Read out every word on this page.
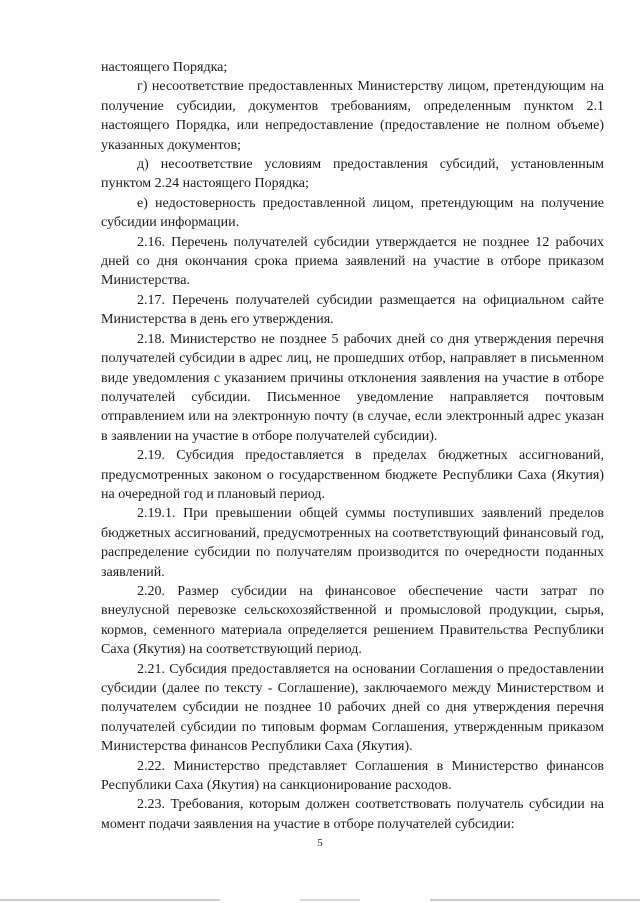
настоящего Порядка;

г) несоответствие предоставленных Министерству лицом, претендующим на получение субсидии, документов требованиям, определенным пунктом 2.1 настоящего Порядка, или непредоставление (предоставление не полном объеме) указанных документов;

д) несоответствие условиям предоставления субсидий, установленным пунктом 2.24 настоящего Порядка;

е) недостоверность предоставленной лицом, претендующим на получение субсидии информации.

2.16. Перечень получателей субсидии утверждается не позднее 12 рабочих дней со дня окончания срока приема заявлений на участие в отборе приказом Министерства.

2.17. Перечень получателей субсидии размещается на официальном сайте Министерства в день его утверждения.

2.18. Министерство не позднее 5 рабочих дней со дня утверждения перечня получателей субсидии в адрес лиц, не прошедших отбор, направляет в письменном виде уведомления с указанием причины отклонения заявления на участие в отборе получателей субсидии. Письменное уведомление направляется почтовым отправлением или на электронную почту (в случае, если электронный адрес указан в заявлении на участие в отборе получателей субсидии).

2.19. Субсидия предоставляется в пределах бюджетных ассигнований, предусмотренных законом о государственном бюджете Республики Саха (Якутия) на очередной год и плановый период.

2.19.1. При превышении общей суммы поступивших заявлений пределов бюджетных ассигнований, предусмотренных на соответствующий финансовый год, распределение субсидии по получателям производится по очередности поданных заявлений.

2.20. Размер субсидии на финансовое обеспечение части затрат по внеулусной перевозке сельскохозяйственной и промысловой продукции, сырья, кормов, семенного материала определяется решением Правительства Республики Саха (Якутия) на соответствующий период.

2.21. Субсидия предоставляется на основании Соглашения о предоставлении субсидии (далее по тексту - Соглашение), заключаемого между Министерством и получателем субсидии не позднее 10 рабочих дней со дня утверждения перечня получателей субсидии по типовым формам Соглашения, утвержденным приказом Министерства финансов Республики Саха (Якутия).

2.22. Министерство представляет Соглашения в Министерство финансов Республики Саха (Якутия) на санкционирование расходов.

2.23. Требования, которым должен соответствовать получатель субсидии на момент подачи заявления на участие в отборе получателей субсидии:

5
